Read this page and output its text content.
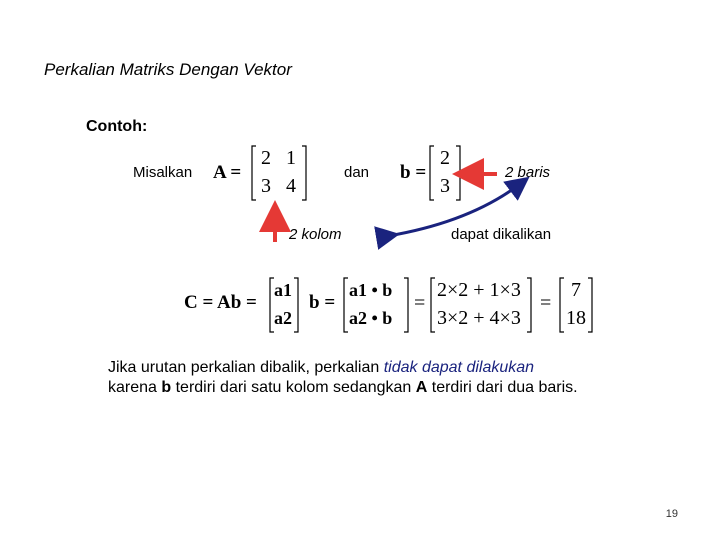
Perkalian Matriks Dengan Vektor
Contoh:
Misalkan A =
2 1
3 4
dan b =
2
3
2 baris
2 kolom	dapat dikalikan
C = Ab =
a1
a2
b =
a1 • b
a2 • b
=
2×2 + 1×3
3×2 + 4×3
=
7
18
Jika urutan perkalian dibalik, perkalian tidak dapat dilakukan
karena b terdiri dari satu kolom sedangkan A terdiri dari dua baris.
19
